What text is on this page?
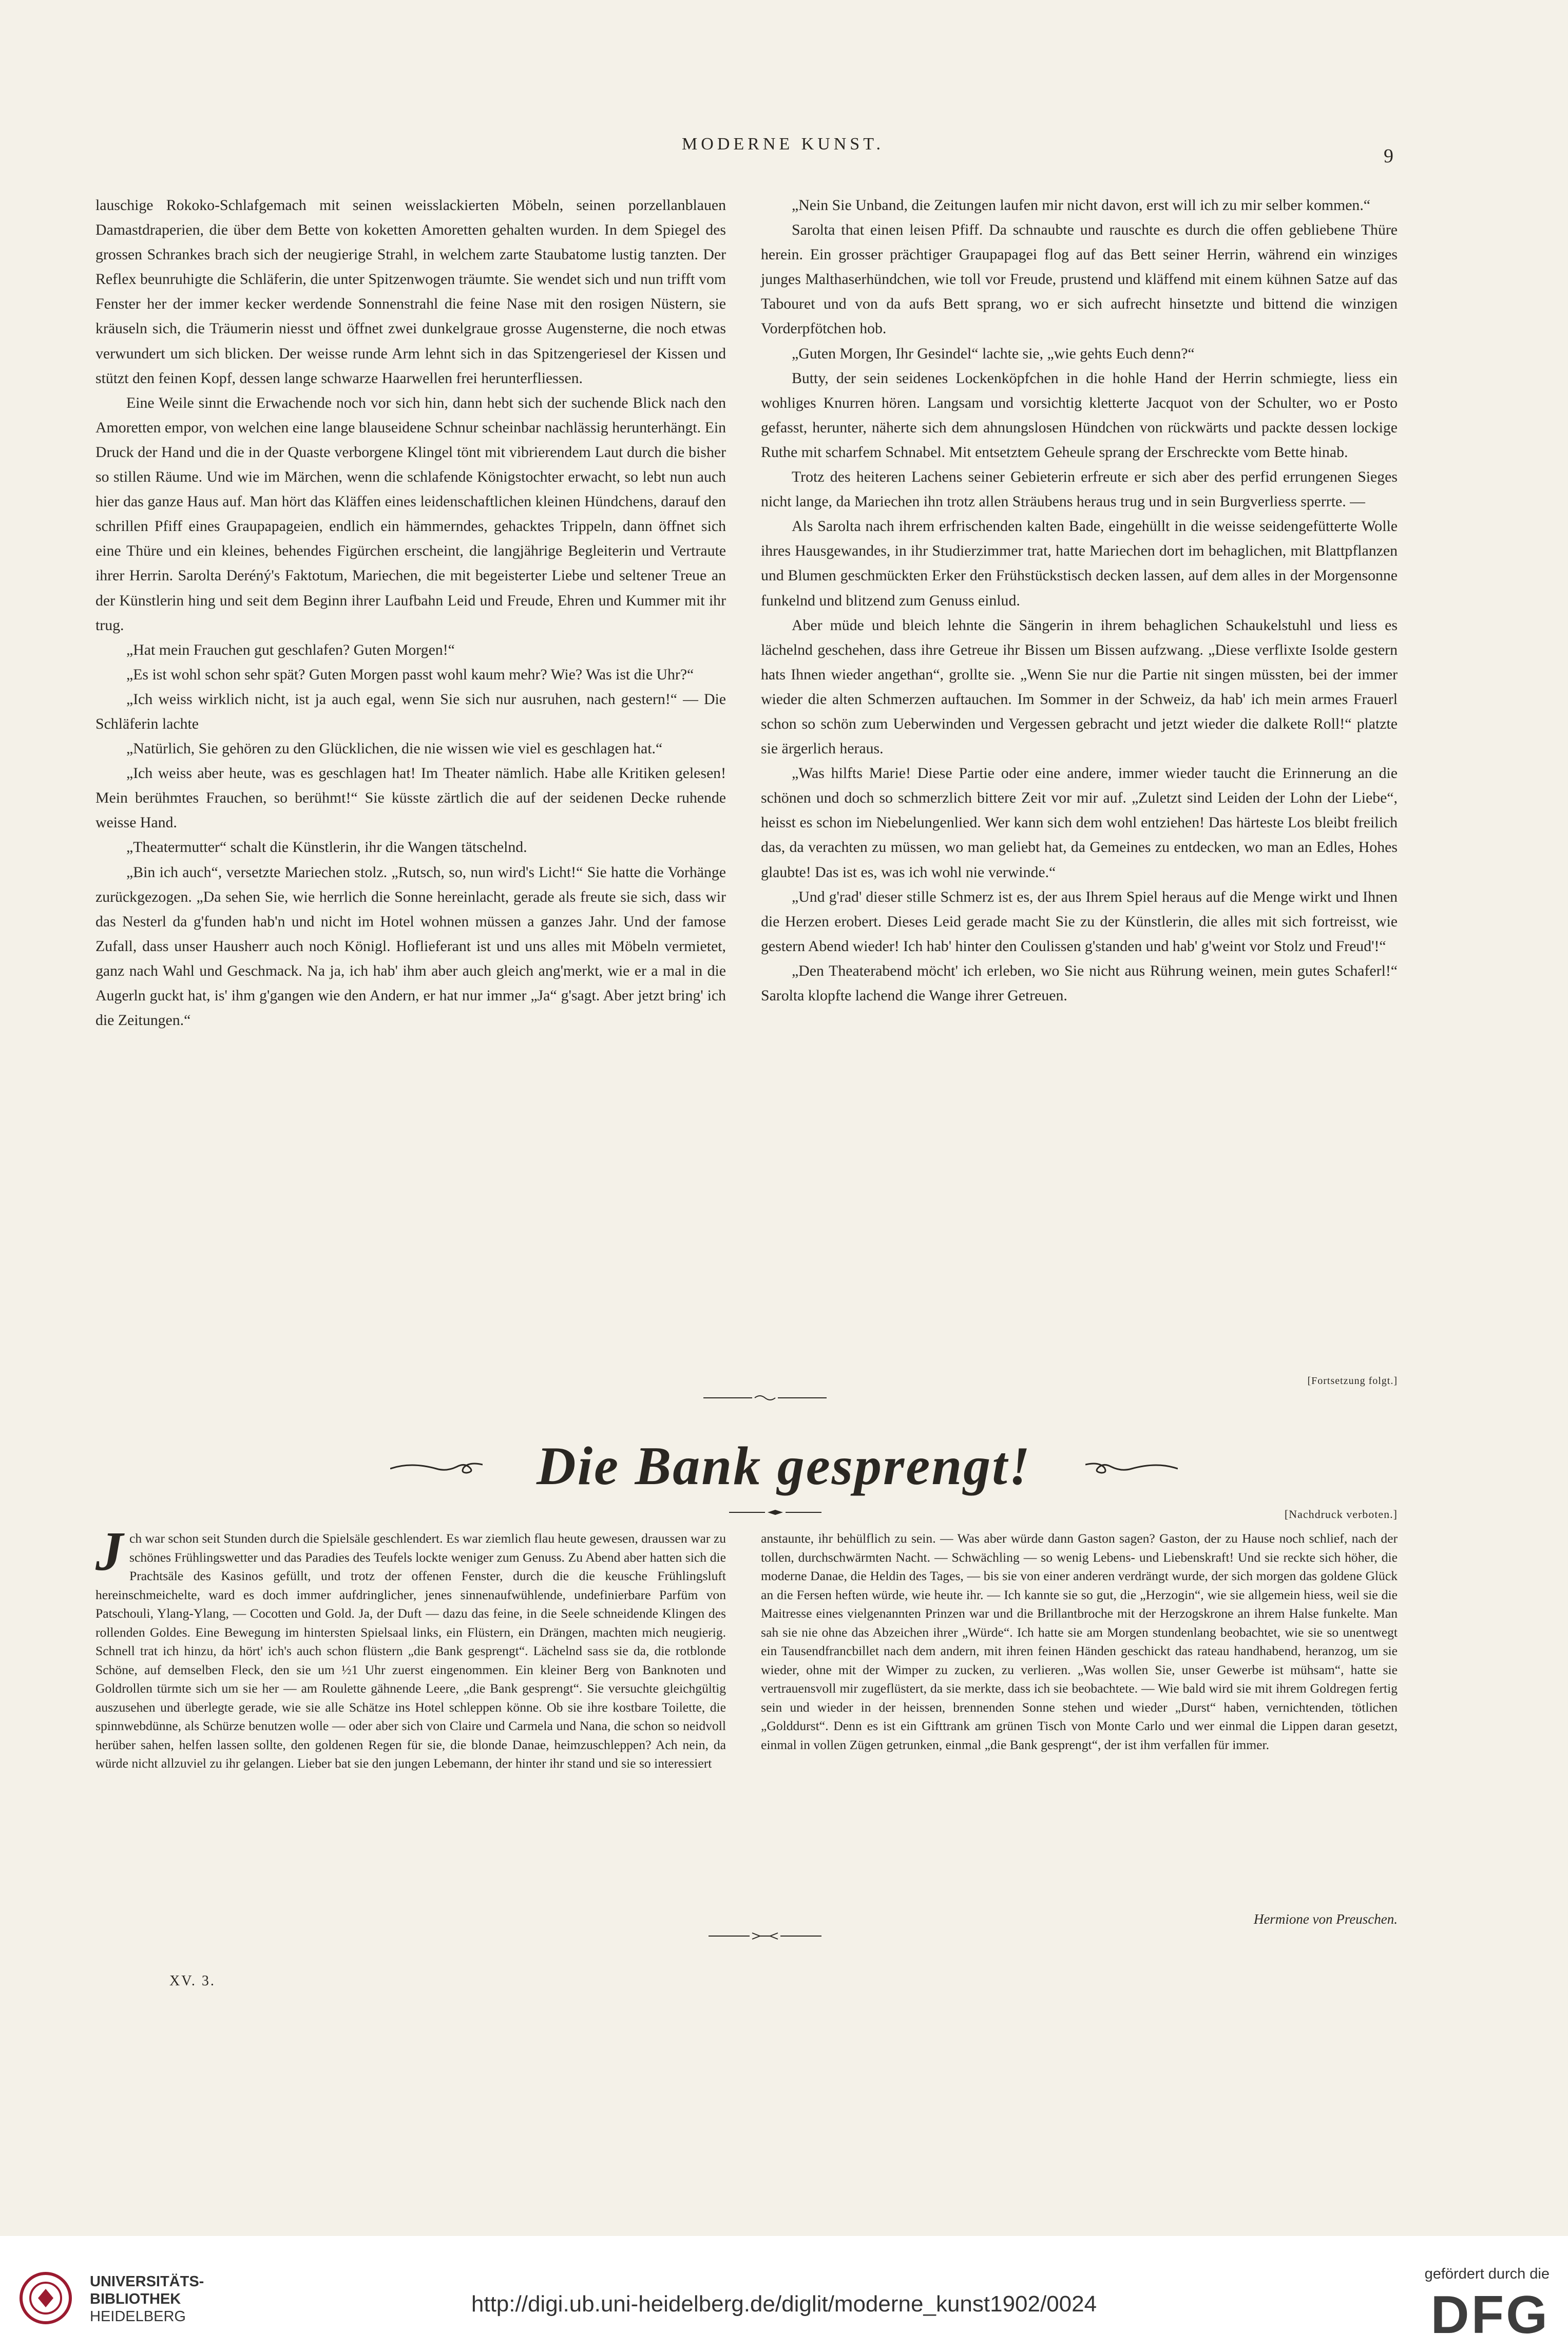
MODERNE KUNST.
9

lauschige Rokoko-Schlafgemach mit seinen weisslackierten Möbeln, seinen porzellanblauen Damastdraperien, die über dem Bette von koketten Amoretten gehalten wurden. In dem Spiegel des grossen Schrankes brach sich der neugierige Strahl, in welchem zarte Staubatome lustig tanzten. Der Reflex beunruhigte die Schläferin, die unter Spitzenwogen träumte. Sie wendet sich und nun trifft vom Fenster her der immer kecker werdende Sonnenstrahl die feine Nase mit den rosigen Nüstern, sie kräuseln sich, die Träumerin niesst und öffnet zwei dunkelgraue grosse Augensterne, die noch etwas verwundert um sich blicken. Der weisse runde Arm lehnt sich in das Spitzengeriesel der Kissen und stützt den feinen Kopf, dessen lange schwarze Haarwellen frei herunterfliessen.

Eine Weile sinnt die Erwachende noch vor sich hin, dann hebt sich der suchende Blick nach den Amoretten empor, von welchen eine lange blauseidene Schnur scheinbar nachlässig herunterhängt. Ein Druck der Hand und die in der Quaste verborgene Klingel tönt mit vibrierendem Laut durch die bisher so stillen Räume. Und wie im Märchen, wenn die schlafende Königstochter erwacht, so lebt nun auch hier das ganze Haus auf. Man hört das Kläffen eines leidenschaftlichen kleinen Hündchens, darauf den schrillen Pfiff eines Graupapageien, endlich ein hämmerndes, gehacktes Trippeln, dann öffnet sich eine Thüre und ein kleines, behendes Figürchen erscheint, die langjährige Begleiterin und Vertraute ihrer Herrin. Sarolta Deréný's Faktotum, Mariechen, die mit begeisterter Liebe und seltener Treue an der Künstlerin hing und seit dem Beginn ihrer Laufbahn Leid und Freude, Ehren und Kummer mit ihr trug.

„Hat mein Frauchen gut geschlafen? Guten Morgen!“

„Es ist wohl schon sehr spät? Guten Morgen passt wohl kaum mehr? Wie? Was ist die Uhr?“

„Ich weiss wirklich nicht, ist ja auch egal, wenn Sie sich nur ausruhen, nach gestern!“ — Die Schläferin lachte

„Natürlich, Sie gehören zu den Glücklichen, die nie wissen wie viel es geschlagen hat.“

„Ich weiss aber heute, was es geschlagen hat! Im Theater nämlich. Habe alle Kritiken gelesen! Mein berühmtes Frauchen, so berühmt!“ Sie küsste zärtlich die auf der seidenen Decke ruhende weisse Hand.

„Theatermutter“ schalt die Künstlerin, ihr die Wangen tätschelnd.

„Bin ich auch“, versetzte Mariechen stolz. „Rutsch, so, nun wird's Licht!“ Sie hatte die Vorhänge zurückgezogen. „Da sehen Sie, wie herrlich die Sonne hereinlacht, gerade als freute sie sich, dass wir das Nesterl da g'funden hab'n und nicht im Hotel wohnen müssen a ganzes Jahr. Und der famose Zufall, dass unser Hausherr auch noch Königl. Hoflieferant ist und uns alles mit Möbeln vermietet, ganz nach Wahl und Geschmack. Na ja, ich hab' ihm aber auch gleich ang'merkt, wie er a mal in die Augerln guckt hat, is' ihm g'gangen wie den Andern, er hat nur immer „Ja“ g'sagt. Aber jetzt bring' ich die Zeitungen.“

„Nein Sie Unband, die Zeitungen laufen mir nicht davon, erst will ich zu mir selber kommen.“

Sarolta that einen leisen Pfiff. Da schnaubte und rauschte es durch die offen gebliebene Thüre herein. Ein grosser prächtiger Graupapagei flog auf das Bett seiner Herrin, während ein winziges junges Malthaserhündchen, wie toll vor Freude, prustend und kläffend mit einem kühnen Satze auf das Tabouret und von da aufs Bett sprang, wo er sich aufrecht hinsetzte und bittend die winzigen Vorderpfötchen hob.

„Guten Morgen, Ihr Gesindel“ lachte sie, „wie gehts Euch denn?“

Butty, der sein seidenes Lockenköpfchen in die hohle Hand der Herrin schmiegte, liess ein wohliges Knurren hören. Langsam und vorsichtig kletterte Jacquot von der Schulter, wo er Posto gefasst, herunter, näherte sich dem ahnungslosen Hündchen von rückwärts und packte dessen lockige Ruthe mit scharfem Schnabel. Mit entsetztem Geheule sprang der Erschreckte vom Bette hinab.

Trotz des heiteren Lachens seiner Gebieterin erfreute er sich aber des perfid errungenen Sieges nicht lange, da Mariechen ihn trotz allen Sträubens heraus trug und in sein Burgverliess sperrte. —

Als Sarolta nach ihrem erfrischenden kalten Bade, eingehüllt in die weisse seidengefütterte Wolle ihres Hausgewandes, in ihr Studierzimmer trat, hatte Mariechen dort im behaglichen, mit Blattpflanzen und Blumen geschmückten Erker den Frühstückstisch decken lassen, auf dem alles in der Morgensonne funkelnd und blitzend zum Genuss einlud.

Aber müde und bleich lehnte die Sängerin in ihrem behaglichen Schaukelstuhl und liess es lächelnd geschehen, dass ihre Getreue ihr Bissen um Bissen aufzwang. „Diese verflixte Isolde gestern hats Ihnen wieder angethan“, grollte sie. „Wenn Sie nur die Partie nit singen müssten, bei der immer wieder die alten Schmerzen auftauchen. Im Sommer in der Schweiz, da hab' ich mein armes Frauerl schon so schön zum Ueberwinden und Vergessen gebracht und jetzt wieder die dalkete Roll!“ platzte sie ärgerlich heraus.

„Was hilfts Marie! Diese Partie oder eine andere, immer wieder taucht die Erinnerung an die schönen und doch so schmerzlich bittere Zeit vor mir auf. „Zuletzt sind Leiden der Lohn der Liebe“, heisst es schon im Niebelungenlied. Wer kann sich dem wohl entziehen! Das härteste Los bleibt freilich das, da verachten zu müssen, wo man geliebt hat, da Gemeines zu entdecken, wo man an Edles, Hohes glaubte! Das ist es, was ich wohl nie verwinde.“

„Und g'rad' dieser stille Schmerz ist es, der aus Ihrem Spiel heraus auf die Menge wirkt und Ihnen die Herzen erobert. Dieses Leid gerade macht Sie zu der Künstlerin, die alles mit sich fortreisst, wie gestern Abend wieder! Ich hab' hinter den Coulissen g'standen und hab' g'weint vor Stolz und Freud'!“

„Den Theaterabend möcht' ich erleben, wo Sie nicht aus Rührung weinen, mein gutes Schaferl!“ Sarolta klopfte lachend die Wange ihrer Getreuen.

[Fortsetzung folgt.]
Die Bank gesprengt!
[Nachdruck verboten.]

Jch war schon seit Stunden durch die Spielsäle geschlendert. Es war ziemlich flau heute gewesen, draussen war zu schönes Frühlingswetter und das Paradies des Teufels lockte weniger zum Genuss. Zu Abend aber hatten sich die Prachtsäle des Kasinos gefüllt, und trotz der offenen Fenster, durch die die keusche Frühlingsluft hereinschmeichelte, ward es doch immer aufdringlicher, jenes sinnenaufwühlende, undefinierbare Parfüm von Patschouli, Ylang-Ylang, — Cocotten und Gold. Ja, der Duft — dazu das feine, in die Seele schneidende Klingen des rollenden Goldes. Eine Bewegung im hintersten Spielsaal links, ein Flüstern, ein Drängen, machten mich neugierig. Schnell trat ich hinzu, da hört' ich's auch schon flüstern „die Bank gesprengt“. Lächelnd sass sie da, die rotblonde Schöne, auf demselben Fleck, den sie um ½1 Uhr zuerst eingenommen. Ein kleiner Berg von Banknoten und Goldrollen türmte sich um sie her — am Roulette gähnende Leere, „die Bank gesprengt“. Sie versuchte gleichgültig auszusehen und überlegte gerade, wie sie alle Schätze ins Hotel schleppen könne. Ob sie ihre kostbare Toilette, die spinnwebdünne, als Schürze benutzen wolle — oder aber sich von Claire und Carmela und Nana, die schon so neidvoll herüber sahen, helfen lassen sollte, den goldenen Regen für sie, die blonde Danae, heimzuschleppen? Ach nein, da würde nicht allzuviel zu ihr gelangen. Lieber bat sie den jungen Lebemann, der hinter ihr stand und sie so interessiert

anstaunte, ihr behülflich zu sein. — Was aber würde dann Gaston sagen? Gaston, der zu Hause noch schlief, nach der tollen, durchschwärmten Nacht. — Schwächling — so wenig Lebens- und Liebenskraft! Und sie reckte sich höher, die moderne Danae, die Heldin des Tages, — bis sie von einer anderen verdrängt wurde, der sich morgen das goldene Glück an die Fersen heften würde, wie heute ihr. — Ich kannte sie so gut, die „Herzogin“, wie sie allgemein hiess, weil sie die Maitresse eines vielgenannten Prinzen war und die Brillantbroche mit der Herzogskrone an ihrem Halse funkelte. Man sah sie nie ohne das Abzeichen ihrer „Würde“. Ich hatte sie am Morgen stundenlang beobachtet, wie sie so unentwegt ein Tausendfrancbillet nach dem andern, mit ihren feinen Händen geschickt das rateau handhabend, heranzog, um sie wieder, ohne mit der Wimper zu zucken, zu verlieren. „Was wollen Sie, unser Gewerbe ist mühsam“, hatte sie vertrauensvoll mir zugeflüstert, da sie merkte, dass ich sie beobachtete. — Wie bald wird sie mit ihrem Goldregen fertig sein und wieder in der heissen, brennenden Sonne stehen und wieder „Durst“ haben, vernichtenden, tötlichen „Golddurst“. Denn es ist ein Gifttrank am grünen Tisch von Monte Carlo und wer einmal die Lippen daran gesetzt, einmal in vollen Zügen getrunken, einmal „die Bank gesprengt“, der ist ihm verfallen für immer.

Hermione von Preuschen.
XV. 3.
UNIVERSITÄTS-
BIBLIOTHEK
HEIDELBERG	http://digi.ub.uni-heidelberg.de/diglit/moderne_kunst1902/0024
gefördert durch die
DFG
